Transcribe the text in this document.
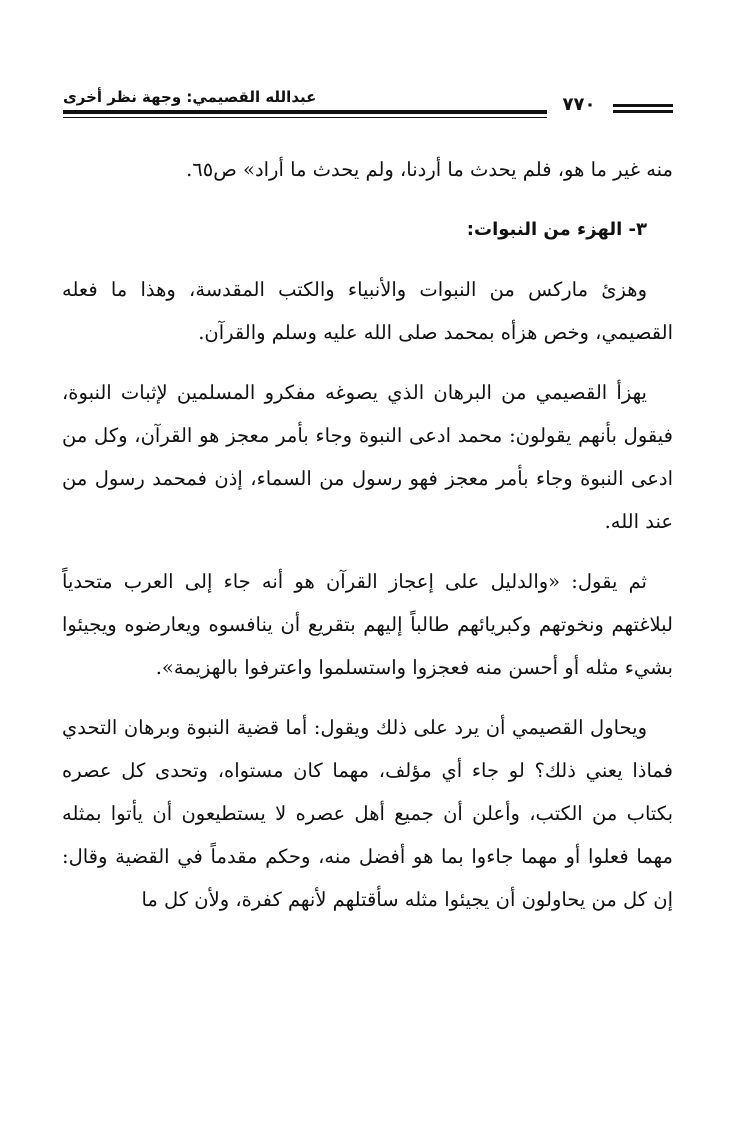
عبدالله القصيمي: وجهة نظر أخرى	٧٧٠

منه غير ما هو، فلم يحدث ما أردنا، ولم يحدث ما أراد» ص٦٥.

٣- الهزء من النبوات:

وهزئ ماركس من النبوات والأنبياء والكتب المقدسة، وهذا ما فعله القصيمي، وخص هزأه بمحمد صلى الله عليه وسلم والقرآن.

يهزأ القصيمي من البرهان الذي يصوغه مفكرو المسلمين لإثبات النبوة، فيقول بأنهم يقولون: محمد ادعى النبوة وجاء بأمر معجز هو القرآن، وكل من ادعى النبوة وجاء بأمر معجز فهو رسول من السماء، إذن فمحمد رسول من عند الله.

ثم يقول: «والدليل على إعجاز القرآن هو أنه جاء إلى العرب متحدياً لبلاغتهم ونخوتهم وكبريائهم طالباً إليهم بتقريع أن ينافسوه ويعارضوه ويجيئوا بشيء مثله أو أحسن منه فعجزوا واستسلموا واعترفوا بالهزيمة».

ويحاول القصيمي أن يرد على ذلك ويقول: أما قضية النبوة وبرهان التحدي فماذا يعني ذلك؟ لو جاء أي مؤلف، مهما كان مستواه، وتحدى كل عصره بكتاب من الكتب، وأعلن أن جميع أهل عصره لا يستطيعون أن يأتوا بمثله مهما فعلوا أو مهما جاءوا بما هو أفضل منه، وحكم مقدماً في القضية وقال: إن كل من يحاولون أن يجيئوا مثله سأقتلهم لأنهم كفرة، ولأن كل ما
